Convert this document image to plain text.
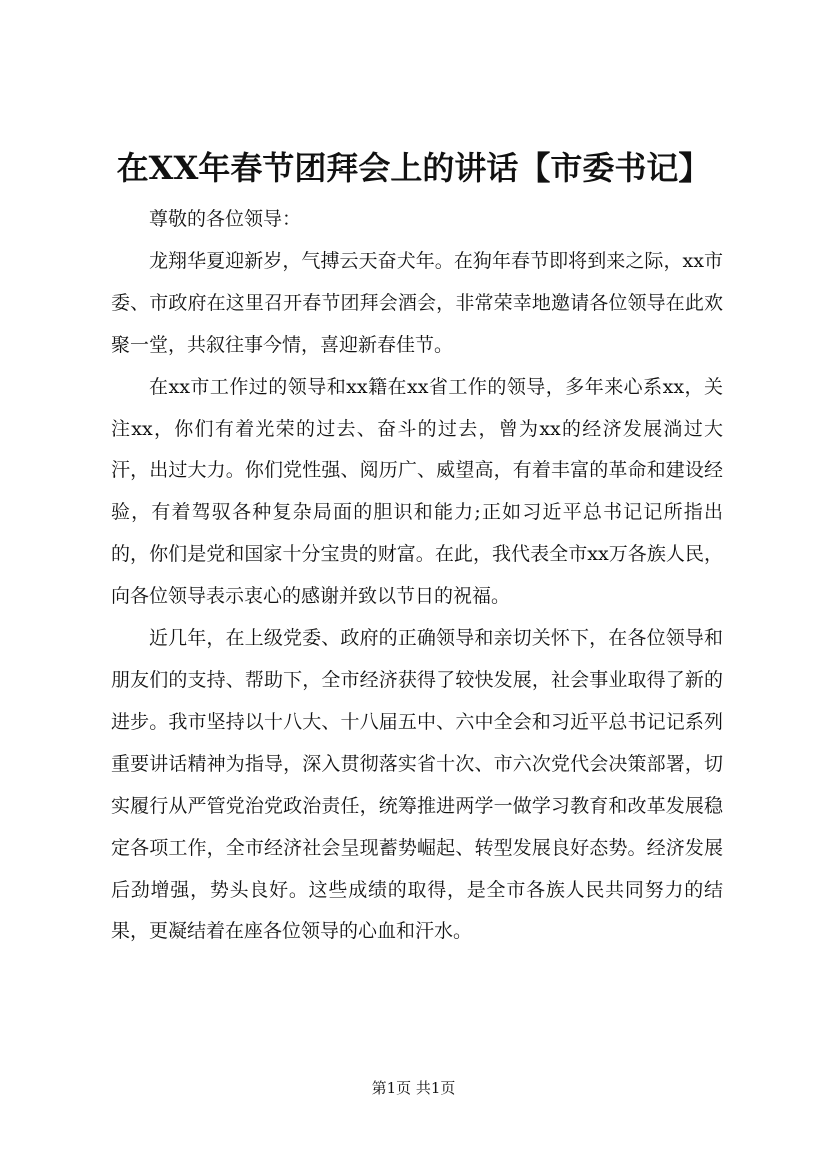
在XX年春节团拜会上的讲话【市委书记】

尊敬的各位领导：

龙翔华夏迎新岁，气搏云天奋犬年。在狗年春节即将到来之际，xx市委、市政府在这里召开春节团拜会酒会，非常荣幸地邀请各位领导在此欢聚一堂，共叙往事今情，喜迎新春佳节。

在xx市工作过的领导和xx籍在xx省工作的领导，多年来心系xx，关注xx，你们有着光荣的过去、奋斗的过去，曾为xx的经济发展淌过大汗，出过大力。你们党性强、阅历广、威望高，有着丰富的革命和建设经验，有着驾驭各种复杂局面的胆识和能力;正如习近平总书记记所指出的，你们是党和国家十分宝贵的财富。在此，我代表全市xx万各族人民，向各位领导表示衷心的感谢并致以节日的祝福。

近几年，在上级党委、政府的正确领导和亲切关怀下，在各位领导和朋友们的支持、帮助下，全市经济获得了较快发展，社会事业取得了新的进步。我市坚持以十八大、十八届五中、六中全会和习近平总书记记系列重要讲话精神为指导，深入贯彻落实省十次、市六次党代会决策部署，切实履行从严管党治党政治责任，统筹推进两学一做学习教育和改革发展稳定各项工作，全市经济社会呈现蓄势崛起、转型发展良好态势。经济发展后劲增强，势头良好。这些成绩的取得，是全市各族人民共同努力的结果，更凝结着在座各位领导的心血和汗水。

第1页 共1页
